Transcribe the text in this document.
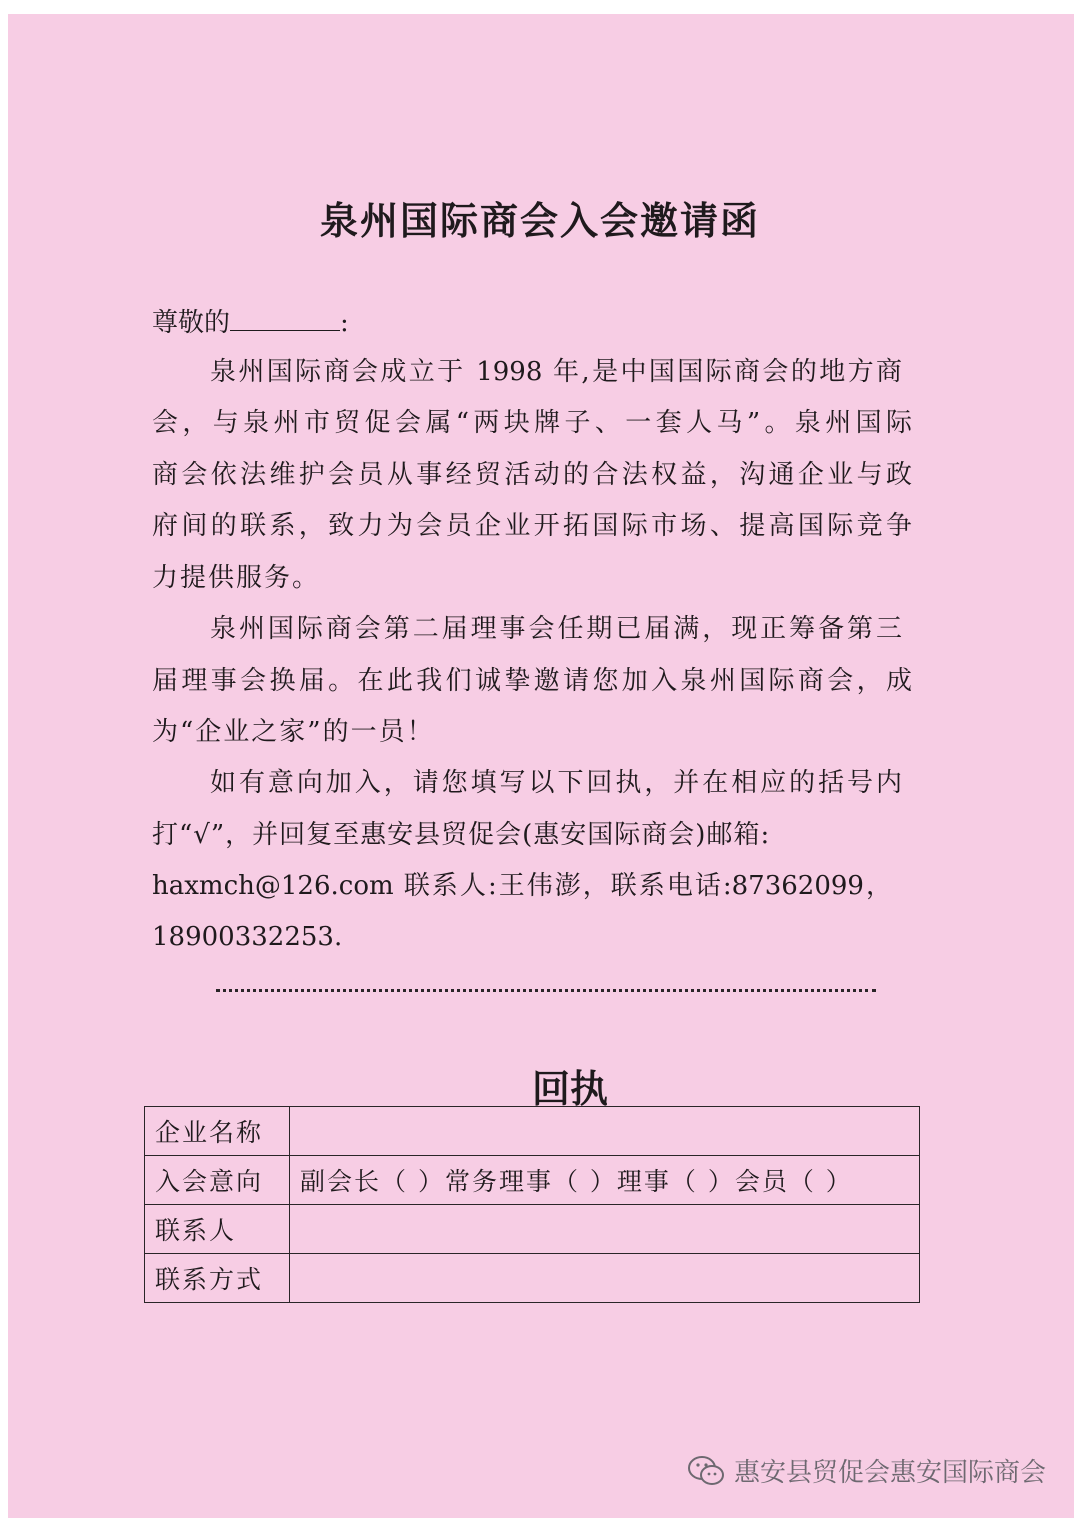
泉州国际商会入会邀请函
尊敬的	:
泉州国际商会成立于 1998 年,是中国国际商会的地方商
会，与泉州市贸促会属“两块牌子、一套人马”。泉州国际
商会依法维护会员从事经贸活动的合法权益，沟通企业与政
府间的联系，致力为会员企业开拓国际市场、提高国际竞争
力提供服务。
泉州国际商会第二届理事会任期已届满，现正筹备第三
届理事会换届。在此我们诚挚邀请您加入泉州国际商会，成
为“企业之家”的一员！
如有意向加入，请您填写以下回执，并在相应的括号内
打“√”，并回复至惠安县贸促会(惠安国际商会)邮箱:
haxmch@126.com 联系人:王伟澎，联系电话:87362099，
18900332253.
回执
企业名称	
入会意向	副会长（ ）常务理事（ ）理事（ ）会员（ ）
联系人	
联系方式	
惠安县贸促会惠安国际商会
